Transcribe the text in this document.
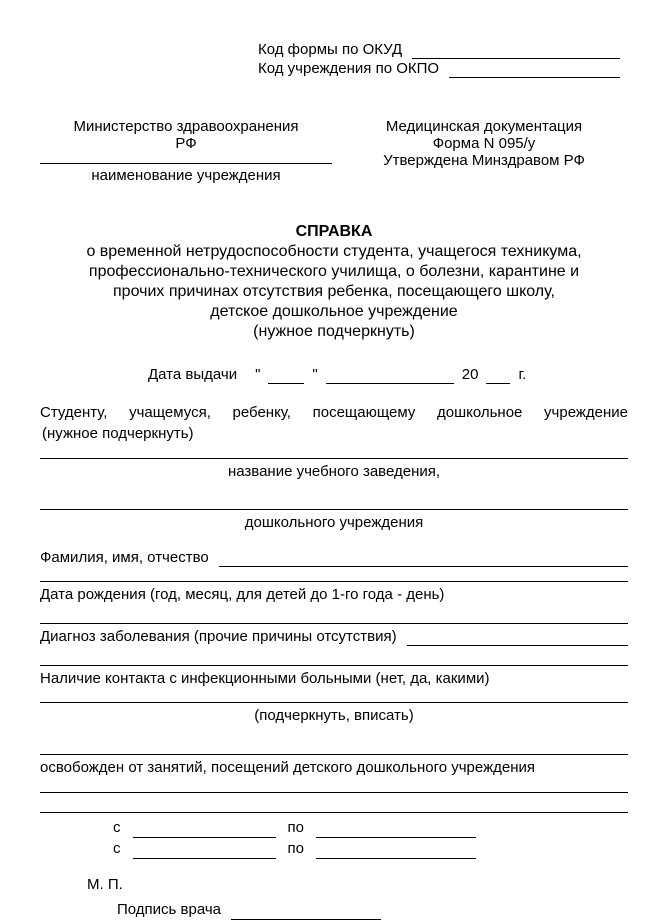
Код формы по ОКУД
Код учреждения по ОКПО
Министерство здравоохранения
РФ
наименование учреждения
Медицинская документация
Форма N 095/у
Утверждена Минздравом РФ
СПРАВКА
о временной нетрудоспособности студента, учащегося техникума, профессионально-технического училища, о болезни, карантине и прочих причинах отсутствия ребенка, посещающего школу, детское дошкольное учреждение
(нужное подчеркнуть)
Дата выдачи "	"	20	г.
Студенту, учащемуся, ребенку, посещающему дошкольное учреждение
(нужное подчеркнуть)
название учебного заведения,
дошкольного учреждения
Фамилия, имя, отчество
Дата рождения (год, месяц, для детей до 1-го года - день)
Диагноз заболевания (прочие причины отсутствия)
Наличие контакта с инфекционными больными (нет, да, какими)
(подчеркнуть, вписать)
освобожден от занятий, посещений детского дошкольного учреждения
с	по
с	по
М. П.
Подпись врача
